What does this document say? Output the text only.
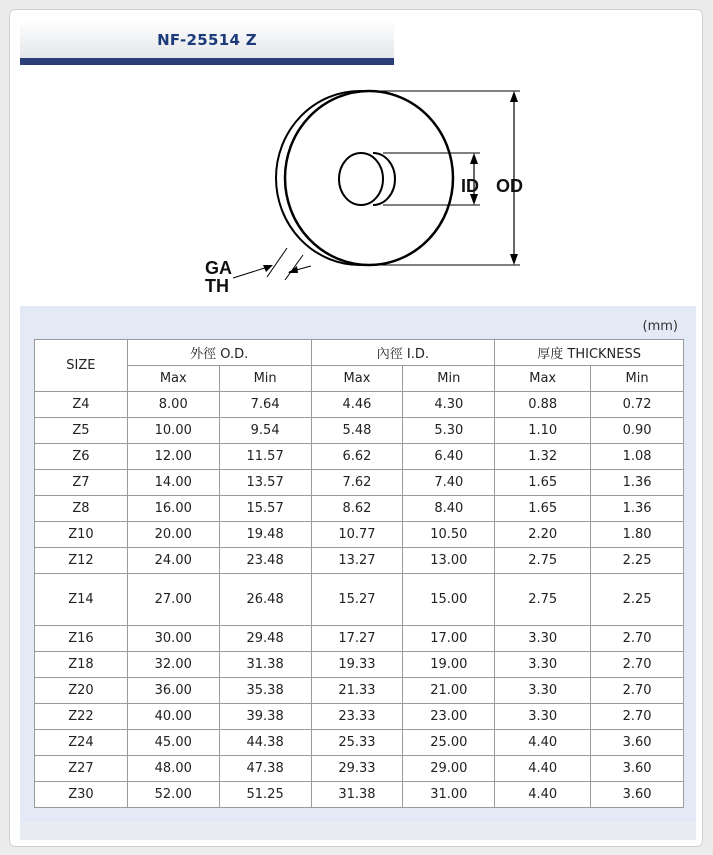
NF-25514 Z
ID OD
GA
TH
(mm)
SIZE	外徑 O.D.		內徑 I.D.		厚度 THICKNESS	
	Max	Min	Max	Min	Max	Min
Z4	8.00	7.64	4.46	4.30	0.88	0.72
Z5	10.00	9.54	5.48	5.30	1.10	0.90
Z6	12.00	11.57	6.62	6.40	1.32	1.08
Z7	14.00	13.57	7.62	7.40	1.65	1.36
Z8	16.00	15.57	8.62	8.40	1.65	1.36
Z10	20.00	19.48	10.77	10.50	2.20	1.80
Z12	24.00	23.48	13.27	13.00	2.75	2.25
Z14	27.00	26.48	15.27	15.00	2.75	2.25
Z16	30.00	29.48	17.27	17.00	3.30	2.70
Z18	32.00	31.38	19.33	19.00	3.30	2.70
Z20	36.00	35.38	21.33	21.00	3.30	2.70
Z22	40.00	39.38	23.33	23.00	3.30	2.70
Z24	45.00	44.38	25.33	25.00	4.40	3.60
Z27	48.00	47.38	29.33	29.00	4.40	3.60
Z30	52.00	51.25	31.38	31.00	4.40	3.60
